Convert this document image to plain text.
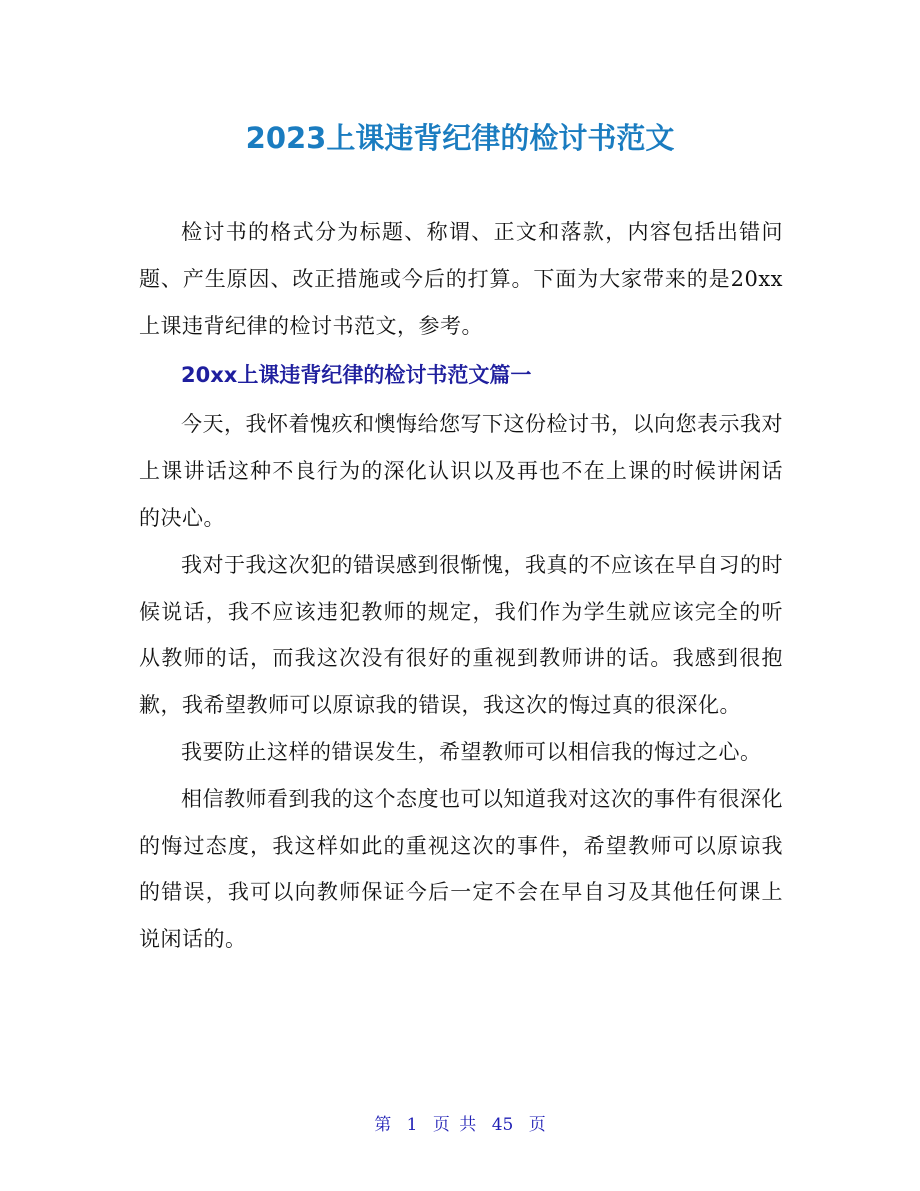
2023上课违背纪律的检讨书范文

检讨书的格式分为标题、称谓、正文和落款，内容包括出错问题、产生原因、改正措施或今后的打算。下面为大家带来的是20xx上课违背纪律的检讨书范文，参考。

20xx上课违背纪律的检讨书范文篇一

今天，我怀着愧疚和懊悔给您写下这份检讨书，以向您表示我对上课讲话这种不良行为的深化认识以及再也不在上课的时候讲闲话的决心。

我对于我这次犯的错误感到很惭愧，我真的不应该在早自习的时候说话，我不应该违犯教师的规定，我们作为学生就应该完全的听从教师的话，而我这次没有很好的重视到教师讲的话。我感到很抱歉，我希望教师可以原谅我的错误，我这次的悔过真的很深化。

我要防止这样的错误发生，希望教师可以相信我的悔过之心。

相信教师看到我的这个态度也可以知道我对这次的事件有很深化的悔过态度，我这样如此的重视这次的事件，希望教师可以原谅我的错误，我可以向教师保证今后一定不会在早自习及其他任何课上说闲话的。

第 1 页 共 45 页
